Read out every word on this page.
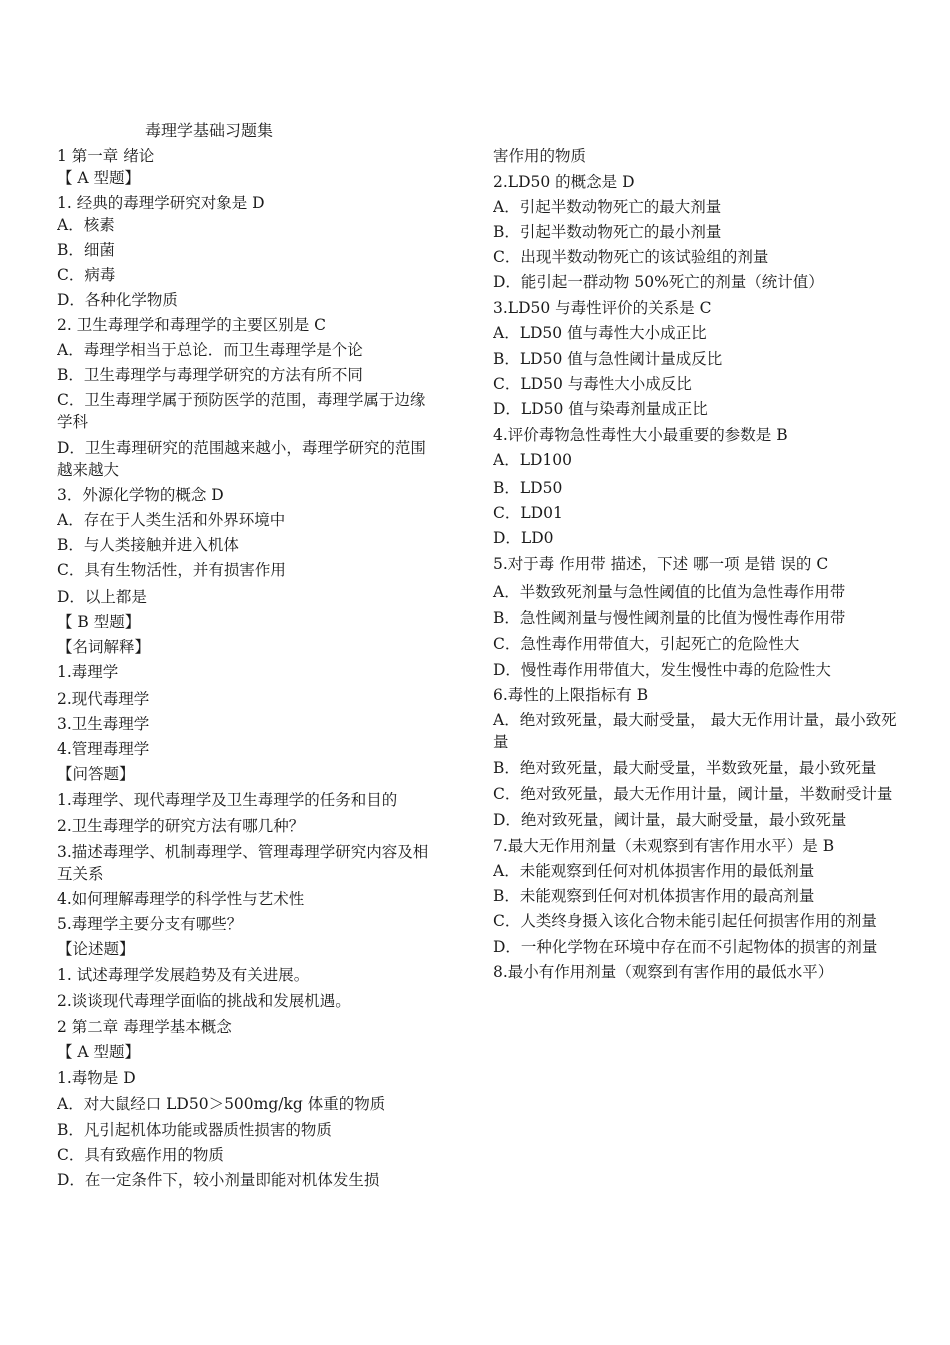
毒理学基础习题集
1 第一章 绪论
【 A 型题】
1. 经典的毒理学研究对象是 D
A．核素
B．细菌
C．病毒
D．各种化学物质
2. 卫生毒理学和毒理学的主要区别是 C
A．毒理学相当于总论．而卫生毒理学是个论
B．卫生毒理学与毒理学研究的方法有所不同
C．卫生毒理学属于预防医学的范围，毒理学属于边缘学科
D．卫生毒理研究的范围越来越小，毒理学研究的范围越来越大
3．外源化学物的概念 D
A．存在于人类生活和外界环境中
B．与人类接触并进入机体
C．具有生物活性，并有损害作用
D．以上都是
【 B 型题】
【名词解释】
1.毒理学
2.现代毒理学
3.卫生毒理学
4.管理毒理学
【问答题】
1.毒理学、现代毒理学及卫生毒理学的任务和目的
2.卫生毒理学的研究方法有哪几种？
3.描述毒理学、机制毒理学、管理毒理学研究内容及相互关系
4.如何理解毒理学的科学性与艺术性
5.毒理学主要分支有哪些？
【论述题】
1. 试述毒理学发展趋势及有关进展。
2.谈谈现代毒理学面临的挑战和发展机遇。
2 第二章 毒理学基本概念
【 A 型题】
1.毒物是 D
A．对大鼠经口 LD50＞500mg/kg 体重的物质
B．凡引起机体功能或器质性损害的物质
C．具有致癌作用的物质
D．在一定条件下，较小剂量即能对机体发生损
害作用的物质
2.LD50 的概念是 D
A．引起半数动物死亡的最大剂量
B．引起半数动物死亡的最小剂量
C．出现半数动物死亡的该试验组的剂量
D．能引起一群动物 50%死亡的剂量（统计值）
3.LD50 与毒性评价的关系是 C
A．LD50 值与毒性大小成正比
B．LD50 值与急性阈计量成反比
C．LD50 与毒性大小成反比
D．LD50 值与染毒剂量成正比
4.评价毒物急性毒性大小最重要的参数是 B
A．LD100
B．LD50
C．LD01
D．LD0
5.对于毒 作用带 描述，下述 哪一项 是错 误的 C
A．半数致死剂量与急性阈值的比值为急性毒作用带
B．急性阈剂量与慢性阈剂量的比值为慢性毒作用带
C．急性毒作用带值大，引起死亡的危险性大
D．慢性毒作用带值大，发生慢性中毒的危险性大
6.毒性的上限指标有 B
A．绝对致死量，最大耐受量， 最大无作用计量，最小致死量
B．绝对致死量，最大耐受量，半数致死量，最小致死量
C．绝对致死量，最大无作用计量，阈计量，半数耐受计量
D．绝对致死量，阈计量，最大耐受量，最小致死量
7.最大无作用剂量（未观察到有害作用水平）是 B
A．未能观察到任何对机体损害作用的最低剂量
B．未能观察到任何对机体损害作用的最高剂量
C．人类终身摄入该化合物未能引起任何损害作用的剂量
D．一种化学物在环境中存在而不引起物体的损害的剂量
8.最小有作用剂量（观察到有害作用的最低水平）
